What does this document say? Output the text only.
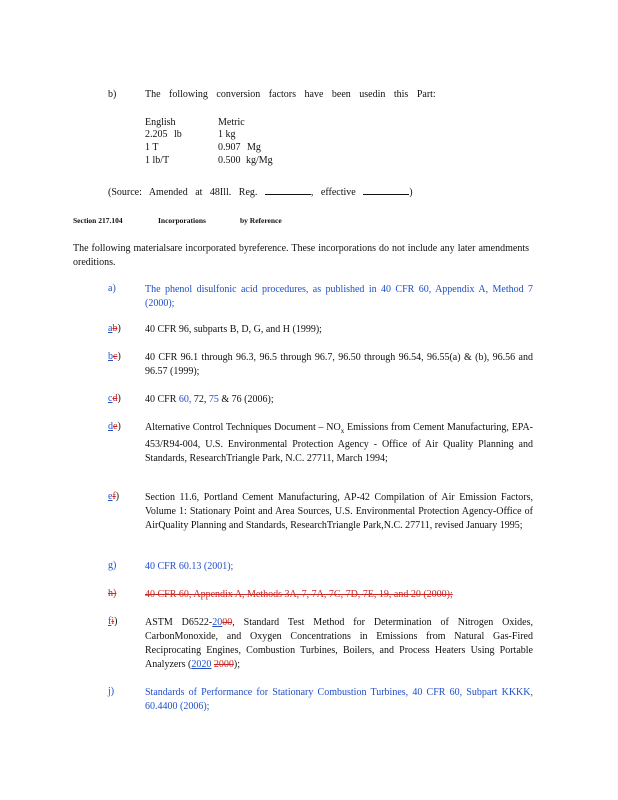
b)	The following conversion factors have been usedin this Part:
English	Metric
2.205 lb	1 kg
1 T	0.907 Mg
1 lb/T	0.500 kg/Mg
(Source: Amended at 48Ill. Reg.	, effective	)
Section 217.104	Incorporations	by Reference
The following materialsare incorporated byreference. These incorporations do not include any later amendments oreditions.
a)	The phenol disulfonic acid procedures, as published in 40 CFR 60, Appendix A, Method 7 (2000);
ab) 40 CFR 96, subparts B, D, G, and H (1999);
bc) 40 CFR 96.1 through 96.3, 96.5 through 96.7, 96.50 through 96.54, 96.55(a) & (b), 96.56 and 96.57 (1999);
cd) 40 CFR 60, 72, 75 & 76 (2006);
de) Alternative Control Techniques Document – $NO_x$ Emissions from Cement Manufacturing, EPA-453/R94-004, U.S. Environmental Protection Agency - Office of Air Quality Planning and Standards, ResearchTriangle Park, N.C. 27711, March 1994;
ef)	Section 11.6, Portland Cement Manufacturing, AP-42 Compilation of Air Emission Factors, Volume 1: Stationary Point and Area Sources, U.S. Environmental Protection Agency-Office of AirQuality Planning and Standards, ResearchTriangle Park,N.C. 27711, revised January 1995;
g)	40 CFR 60.13 (2001);
h)	40 CFR 60, Appendix A, Methods 3A, 7, 7A, 7C, 7D, 7E, 19, and 20 (2000);
fi)	ASTM D6522-2000, Standard Test Method for Determination of Nitrogen Oxides, CarbonMonoxide, and Oxygen Concentrations in Emissions from Natural Gas-Fired Reciprocating Engines, Combustion Turbines, Boilers, and Process Heaters Using Portable Analyzers (2020 2000);
j)	Standards of Performance for Stationary Combustion Turbines, 40 CFR 60, Subpart KKKK, 60.4400 (2006);
